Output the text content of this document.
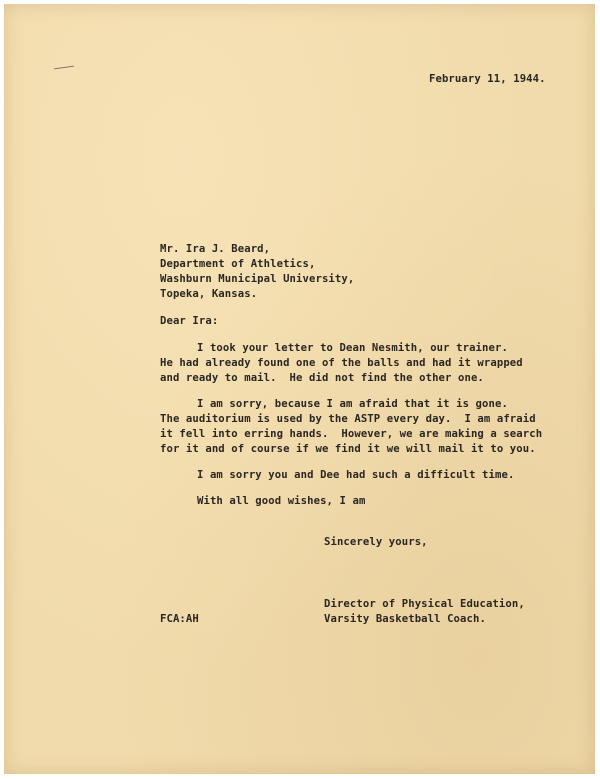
February 11, 1944.
Mr. Ira J. Beard,
Department of Athletics,
Washburn Municipal University,
Topeka, Kansas.
Dear Ira:
I took your letter to Dean Nesmith, our trainer.
He had already found one of the balls and had it wrapped
and ready to mail.  He did not find the other one.
I am sorry, because I am afraid that it is gone.
The auditorium is used by the ASTP every day.  I am afraid
it fell into erring hands.  However, we are making a search
for it and of course if we find it we will mail it to you.
I am sorry you and Dee had such a difficult time.
With all good wishes, I am
Sincerely yours,
Director of Physical Education,
Varsity Basketball Coach.
FCA:AH
